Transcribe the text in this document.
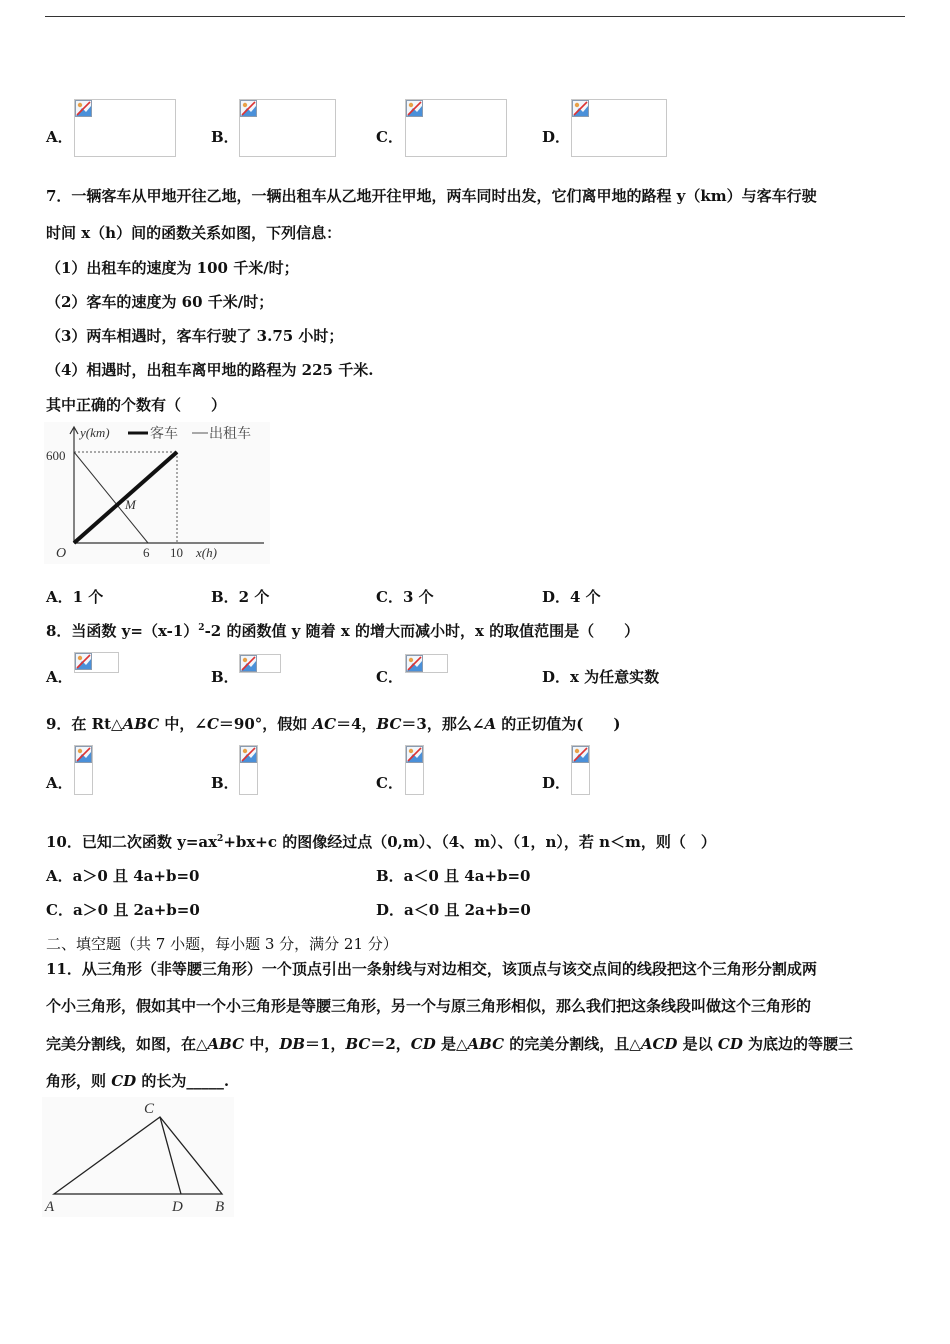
A．	B．	C．	D．
7．一辆客车从甲地开往乙地，一辆出租车从乙地开往甲地，两车同时出发，它们离甲地的路程 y（km）与客车行驶
时间 x（h）间的函数关系如图，下列信息：
（1）出租车的速度为 100 千米/时；
（2）客车的速度为 60 千米/时；
（3）两车相遇时，客车行驶了 3.75 小时；
（4）相遇时，出租车离甲地的路程为 225 千米.
其中正确的个数有（　　）
y(km)	客车 出租车
600
O	6 10 x(h)
M
A．1 个	B．2 个	C．3 个	D．4 个
8．当函数 $y=(x-1)^2-2$ 的函数值 y 随着 x 的增大而减小时，x 的取值范围是（　　）
A．	B．	C．	D．x 为任意实数
9．在 Rt△ABC 中，∠C＝90°，假如 AC＝4，BC＝3，那么∠A 的正切值为(　　)
A．	B．	C．	D．
10．已知二次函数 $y=ax^2+bx+c$ 的图像经过点（0,m）、（4、m）、（1，n），若 n＜m，则（　）
A．a＞0 且 4a+b=0	B．a＜0 且 4a+b=0
C．a＞0 且 2a+b=0	D．a＜0 且 2a+b=0
二、填空题（共 7 小题，每小题 3 分，满分 21 分）
11．从三角形（非等腰三角形）一个顶点引出一条射线与对边相交，该顶点与该交点间的线段把这个三角形分割成两
个小三角形，假如其中一个小三角形是等腰三角形，另一个与原三角形相似，那么我们把这条线段叫做这个三角形的
完美分割线，如图，在△ABC 中，DB＝1，BC＝2，CD 是△ABC 的完美分割线，且△ACD 是以 CD 为底边的等腰三
角形，则 CD 的长为_____.
C
A	D B
